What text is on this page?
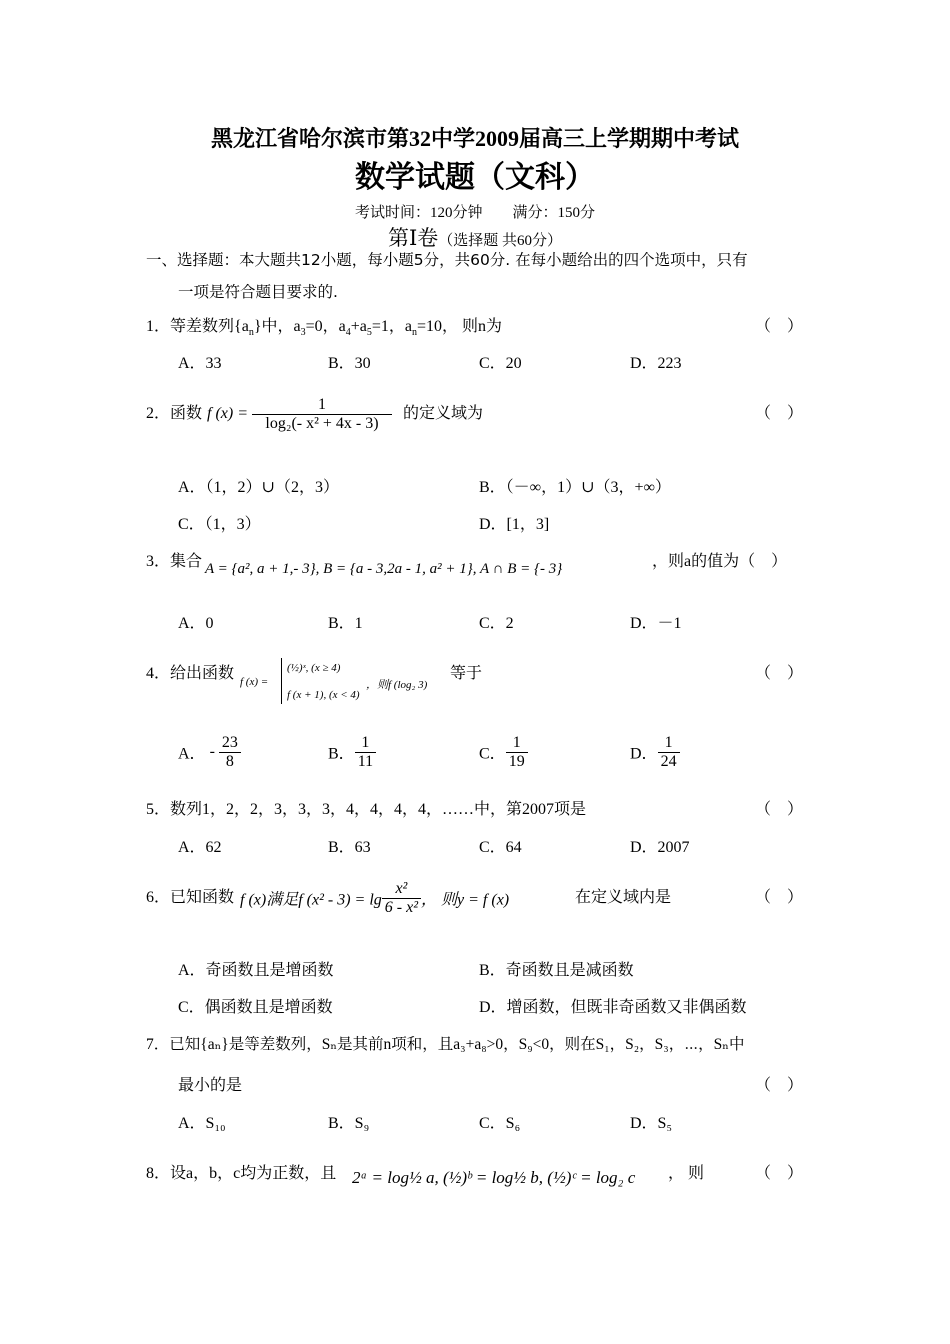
黑龙江省哈尔滨市第32中学2009届高三上学期期中考试
数学试题（文科）
考试时间：120分钟　　满分：150分
第Ⅰ卷（选择题 共60分）
一、选择题：本大题共12小题，每小题5分，共60分. 在每小题给出的四个选项中，只有
一项是符合题目要求的.
1．等差数列$\{a_n\}$中，$a_3=0$，$a_4+a_5=1$，$a_n=10$， 则n为	（　）
A．33	B．30	C．20	D．223
2．函数 f $(x) = \frac{1}{\text{log₂(- x² + 4x - 3)}}$ 的定义域为	（　）
A．（1，2）∪（2，3）	B．（－∞，1）∪（3，+∞）
C．（1，3）	D．[1，3]
3．集合 A = {a², a + 1,- 3}, B = {a - 3,2a - 1, a² + 1}, A ∩ B = {- 3}	，则a的值为（　）
A．0	B．1	C．2	D．－1
4．给出函数 f (x) =
(½)ˣ, (x ≥ 4)
f (x + 1), (x < 4)
，则f (log₂ 3)
等于	（　）
A． - $\frac{23}{8}$	B． $\frac{1}{11}$	C． $\frac{1}{19}$	D． $\frac{1}{24}$
5．数列1，2，2，3，3，3，4，4，4，4，……中，第2007项是	（　）
A．62	B．63	C．64	D．2007
6．已知函数 f (x)满足f $(x^2 - 3) = \lg \frac{\text{x²}}{\text{6 - x²}}$ ， 则y = f (x)	在定义域内是	（　）
A．奇函数且是增函数	B．奇函数且是减函数
C．偶函数且是增函数	D．增函数，但既非奇函数又非偶函数
7．已知{aₙ}是等差数列，Sₙ是其前n项和，且a₃+a₈>0，S₉<0，则在S₁，S₂，S₃，⋯，Sₙ中
最小的是	（　）
A．S₁₀	B．S₉	C．S₆	D．S₅
8．设a，b，c均为正数，且 2ᵃ = log½ a, (½)ᵇ = log½ b, (½)ᶜ = log₂ c ， 则	（　）
